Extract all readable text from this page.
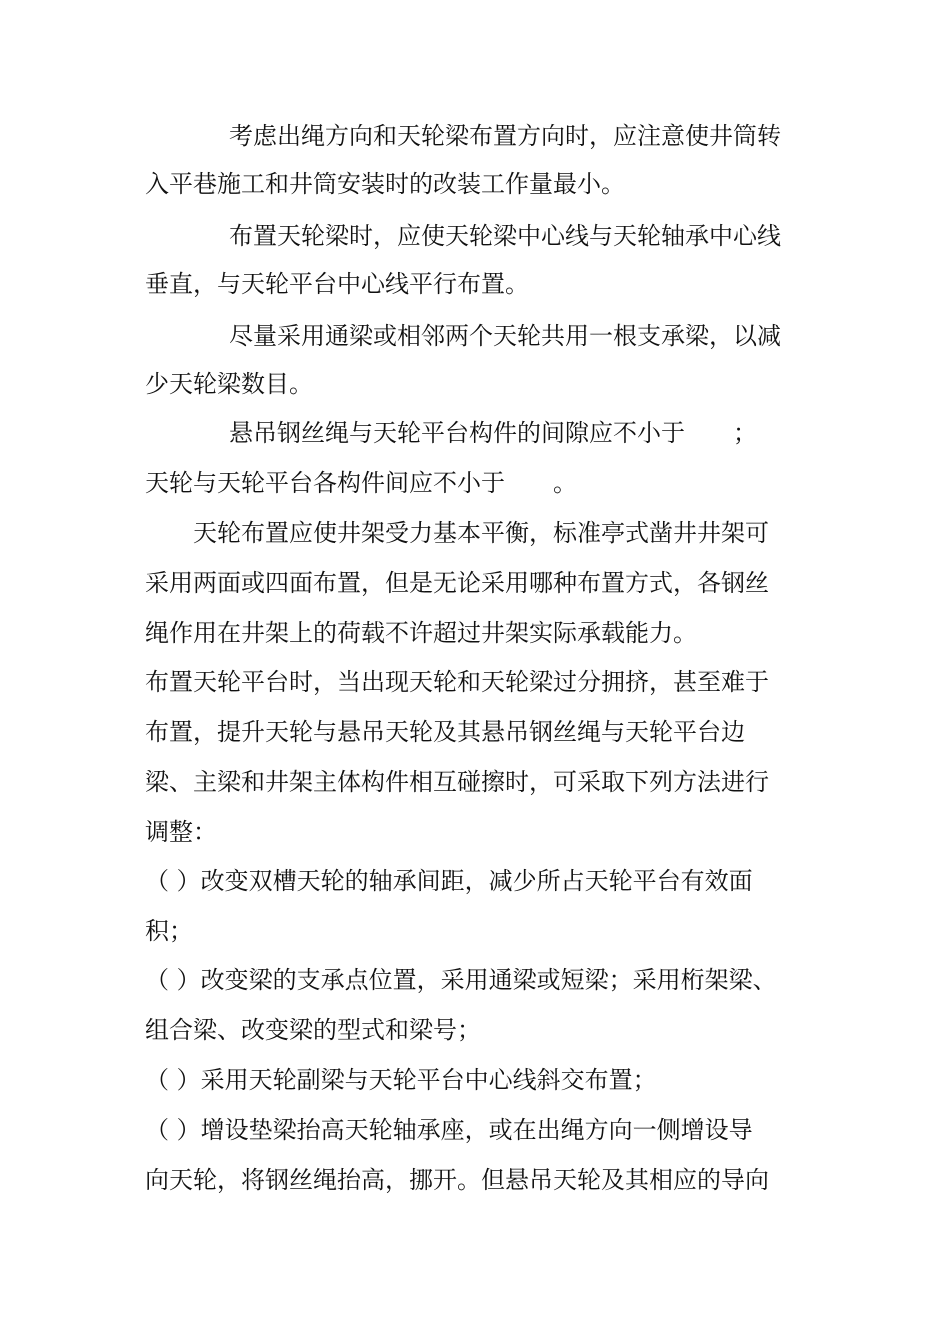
考虑出绳方向和天轮梁布置方向时，应注意使井筒转
入平巷施工和井筒安装时的改装工作量最小。
布置天轮梁时，应使天轮梁中心线与天轮轴承中心线
垂直，与天轮平台中心线平行布置。
尽量采用通梁或相邻两个天轮共用一根支承梁，以减
少天轮梁数目。
悬吊钢丝绳与天轮平台构件的间隙应不小于　　；
天轮与天轮平台各构件间应不小于　　。
天轮布置应使井架受力基本平衡，标准亭式凿井井架可
采用两面或四面布置，但是无论采用哪种布置方式，各钢丝
绳作用在井架上的荷载不许超过井架实际承载能力。
布置天轮平台时，当出现天轮和天轮梁过分拥挤，甚至难于
布置，提升天轮与悬吊天轮及其悬吊钢丝绳与天轮平台边
梁、主梁和井架主体构件相互碰擦时，可采取下列方法进行
调整：
（ ）改变双槽天轮的轴承间距，减少所占天轮平台有效面
积；
（ ）改变梁的支承点位置，采用通梁或短梁；采用桁架梁、
组合梁、改变梁的型式和梁号；
（ ）采用天轮副梁与天轮平台中心线斜交布置；
（ ）增设垫梁抬高天轮轴承座，或在出绳方向一侧增设导
向天轮，将钢丝绳抬高，挪开。但悬吊天轮及其相应的导向
